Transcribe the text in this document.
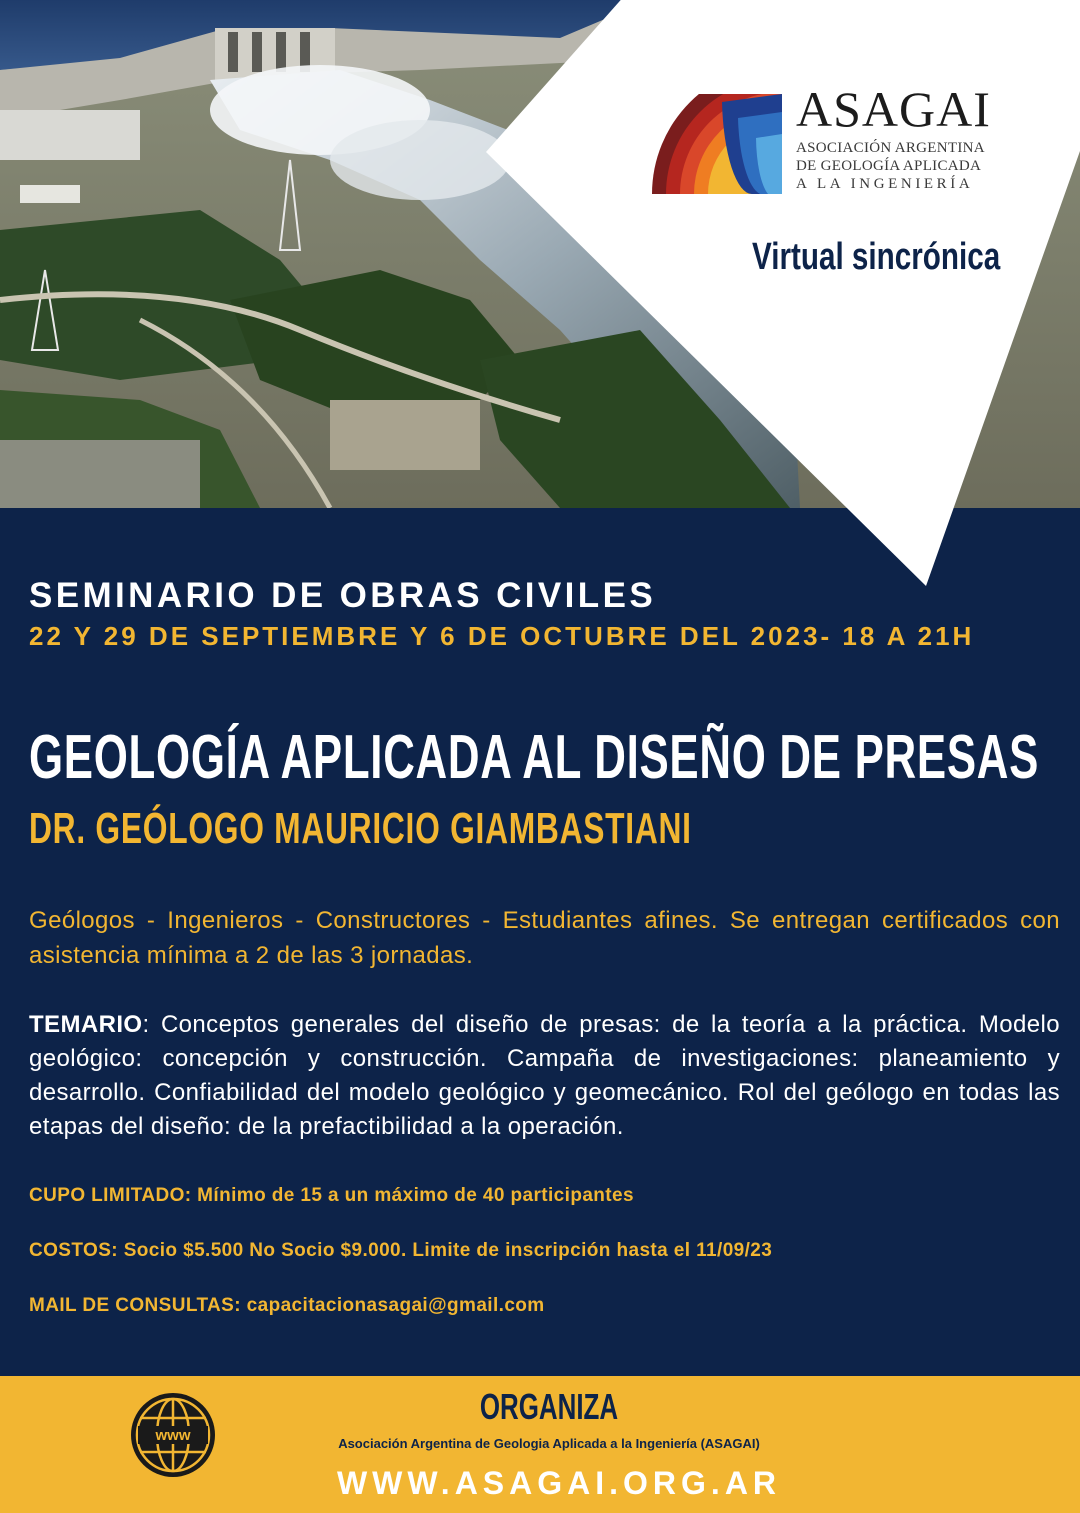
ASAGAI
ASOCIACIÓN ARGENTINA
DE GEOLOGÍA APLICADA
A LA INGENIERÍA
Virtual sincrónica
SEMINARIO DE OBRAS CIVILES
22 Y 29 DE SEPTIEMBRE Y 6 DE OCTUBRE DEL 2023- 18 A 21H
GEOLOGÍA APLICADA AL DISEÑO DE PRESAS
DR. GEÓLOGO MAURICIO GIAMBASTIANI
Geólogos - Ingenieros - Constructores - Estudiantes afines. Se entregan certificados con asistencia mínima a 2 de las 3 jornadas.
TEMARIO: Conceptos generales del diseño de presas: de la teoría a la práctica. Modelo geológico: concepción y construcción. Campaña de investigaciones: planeamiento y desarrollo. Confiabilidad del modelo geológico y geomecánico. Rol del geólogo en todas las etapas del diseño: de la prefactibilidad a la operación.
CUPO LIMITADO: Mínimo de 15 a un máximo de 40 participantes
COSTOS: Socio $5.500 No Socio $9.000. Limite de inscripción hasta el 11/09/23
MAIL DE CONSULTAS: capacitacionasagai@gmail.com
www
ORGANIZA
Asociación Argentina de Geologia Aplicada a la Ingeniería (ASAGAI)
WWW.ASAGAI.ORG.AR
